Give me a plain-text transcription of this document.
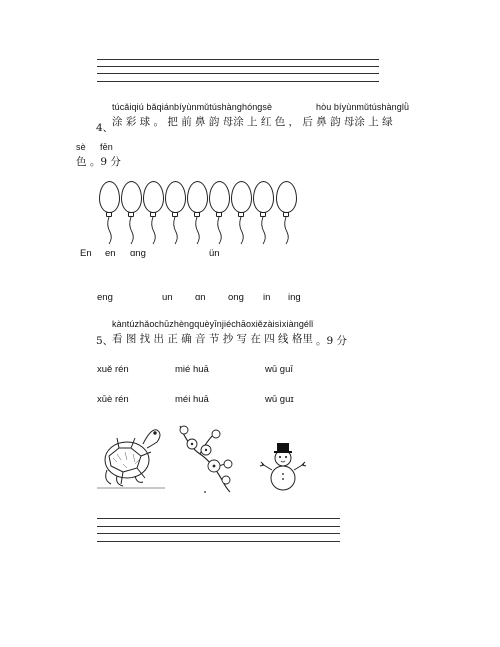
túcǎiqiú bǎqiánbíyùnmǔtúshànghóngsè	hòu bíyùnmǔtúshànglǜ
4、
涂 彩 球 。 把 前 鼻 韵 母涂 上 红 色 ， 后 鼻 韵 母涂 上 绿
sè fēn
色 。9 分
En en ɑng	ün
eng	un ɑn ong in ing
kàntúzhǎochūzhèngquèyīnjiéchāoxiězàisìxiàngélǐ
5、
看 图 找 出 正 确 音 节 抄 写 在 四 线 格里 。9 分
xuě rén	mié huā	wū guī
xūè rén	méi huā	wū guɪ
